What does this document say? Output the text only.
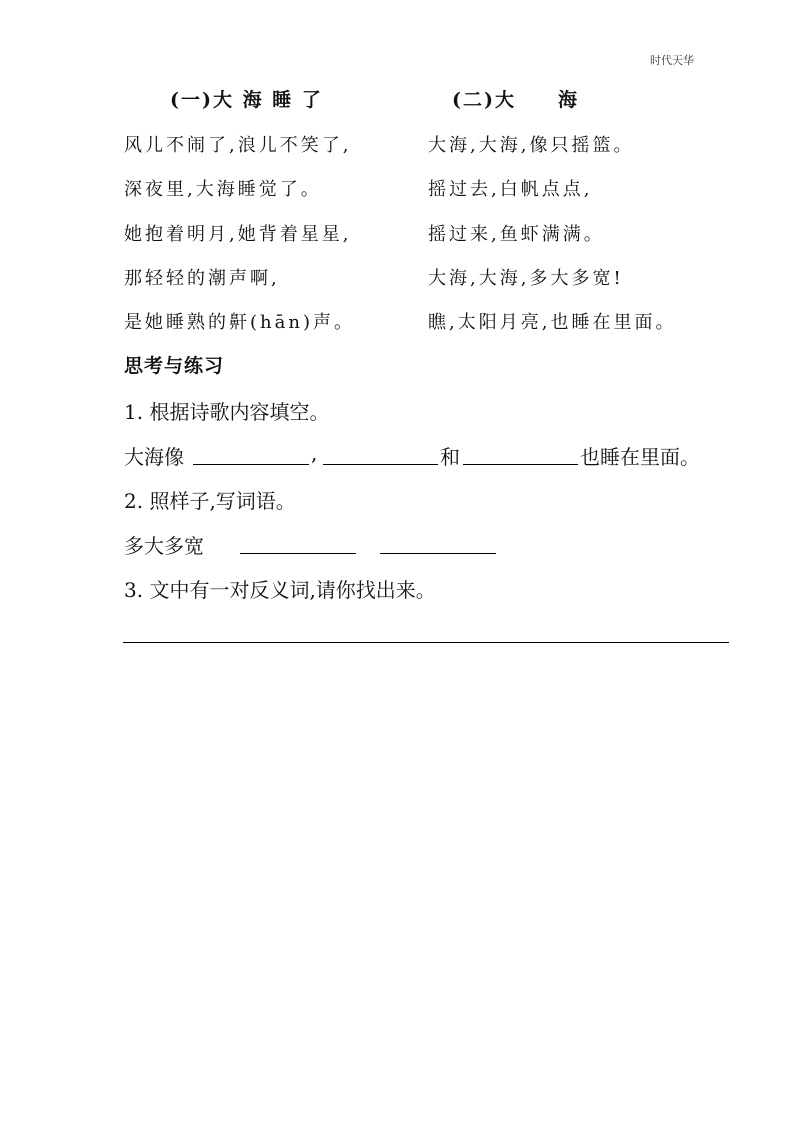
时代天华
(一)大 海 睡 了
风儿不闹了,浪儿不笑了,
深夜里,大海睡觉了。
她抱着明月,她背着星星,
那轻轻的潮声啊,
是她睡熟的鼾(hān)声。
(二)大　　海
大海,大海,像只摇篮。
摇过去,白帆点点,
摇过来,鱼虾满满。
大海,大海,多大多宽!
瞧,太阳月亮,也睡在里面。
思考与练习
1. 根据诗歌内容填空。
大海像	,	和	也睡在里面。
2. 照样子,写词语。
多大多宽
3. 文中有一对反义词,请你找出来。
